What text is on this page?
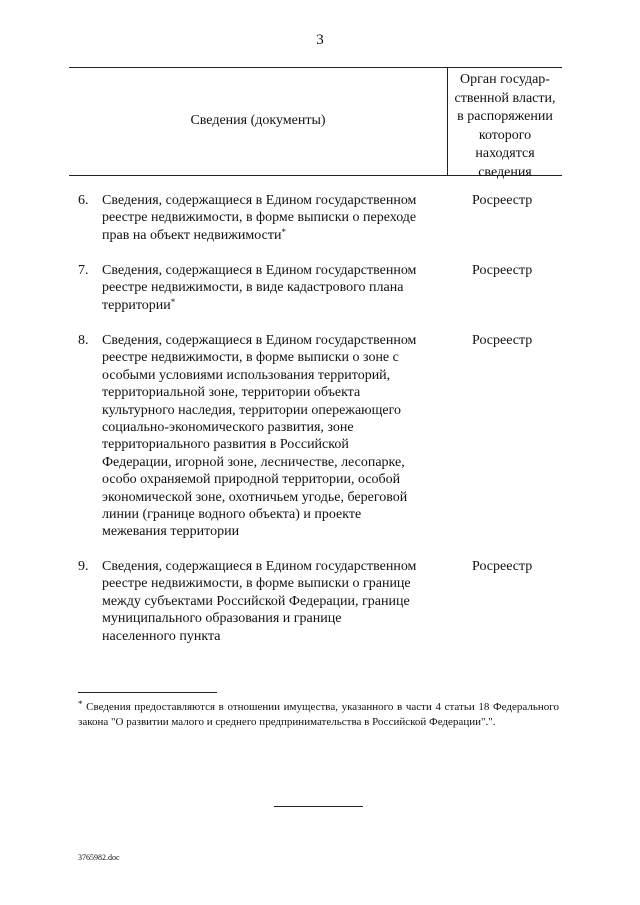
3
Сведения (документы)
Орган государ-
ственной власти,
в распоряжении
которого
находятся
сведения
6. Сведения, содержащиеся в Едином государственном
реестре недвижимости, в форме выписки о переходе
прав на объект недвижимости*
Росреестр
7. Сведения, содержащиеся в Едином государственном
реестре недвижимости, в виде кадастрового плана
территории*
Росреестр
8. Сведения, содержащиеся в Едином государственном
реестре недвижимости, в форме выписки о зоне с
особыми условиями использования территорий,
территориальной зоне, территории объекта
культурного наследия, территории опережающего
социально-экономического развития, зоне
территориального развития в Российской
Федерации, игорной зоне, лесничестве, лесопарке,
особо охраняемой природной территории, особой
экономической зоне, охотничьем угодье, береговой
линии (границе водного объекта) и проекте
межевания территории
Росреестр
9. Сведения, содержащиеся в Едином государственном
реестре недвижимости, в форме выписки о границе
между субъектами Российской Федерации, границе
муниципального образования и границе
населенного пункта
Росреестр
* Сведения предоставляются в отношении имущества, указанного в части 4 статьи 18 Федерального закона "О развитии малого и среднего предпринимательства в Российской Федерации".".
3765982.doc
